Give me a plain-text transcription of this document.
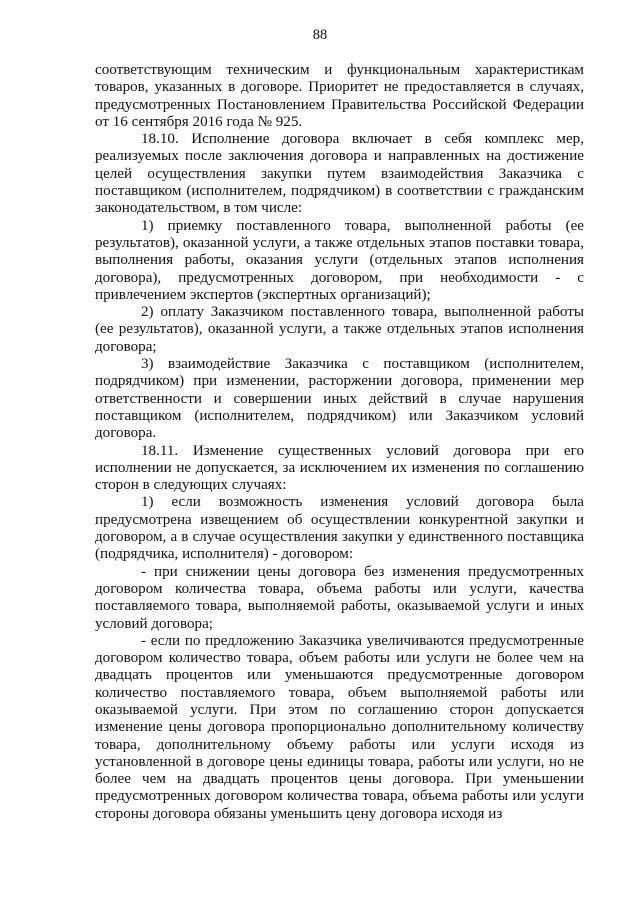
88

соответствующим техническим и функциональным характеристикам товаров, указанных в договоре. Приоритет не предоставляется в случаях, предусмотренных Постановлением Правительства Российской Федерации от 16 сентября 2016 года № 925.

18.10. Исполнение договора включает в себя комплекс мер, реализуемых после заключения договора и направленных на достижение целей осуществления закупки путем взаимодействия Заказчика с поставщиком (исполнителем, подрядчиком) в соответствии с гражданским законодательством, в том числе:

1) приемку поставленного товара, выполненной работы (ее результатов), оказанной услуги, а также отдельных этапов поставки товара, выполнения работы, оказания услуги (отдельных этапов исполнения договора), предусмотренных договором, при необходимости - с привлечением экспертов (экспертных организаций);

2) оплату Заказчиком поставленного товара, выполненной работы (ее результатов), оказанной услуги, а также отдельных этапов исполнения договора;

3) взаимодействие Заказчика с поставщиком (исполнителем, подрядчиком) при изменении, расторжении договора, применении мер ответственности и совершении иных действий в случае нарушения поставщиком (исполнителем, подрядчиком) или Заказчиком условий договора.

18.11. Изменение существенных условий договора при его исполнении не допускается, за исключением их изменения по соглашению сторон в следующих случаях:

1) если возможность изменения условий договора была предусмотрена извещением об осуществлении конкурентной закупки и договором, а в случае осуществления закупки у единственного поставщика (подрядчика, исполнителя) - договором:

- при снижении цены договора без изменения предусмотренных договором количества товара, объема работы или услуги, качества поставляемого товара, выполняемой работы, оказываемой услуги и иных условий договора;

- если по предложению Заказчика увеличиваются предусмотренные договором количество товара, объем работы или услуги не более чем на двадцать процентов или уменьшаются предусмотренные договором количество поставляемого товара, объем выполняемой работы или оказываемой услуги. При этом по соглашению сторон допускается изменение цены договора пропорционально дополнительному количеству товара, дополнительному объему работы или услуги исходя из установленной в договоре цены единицы товара, работы или услуги, но не более чем на двадцать процентов цены договора. При уменьшении предусмотренных договором количества товара, объема работы или услуги стороны договора обязаны уменьшить цену договора исходя из
